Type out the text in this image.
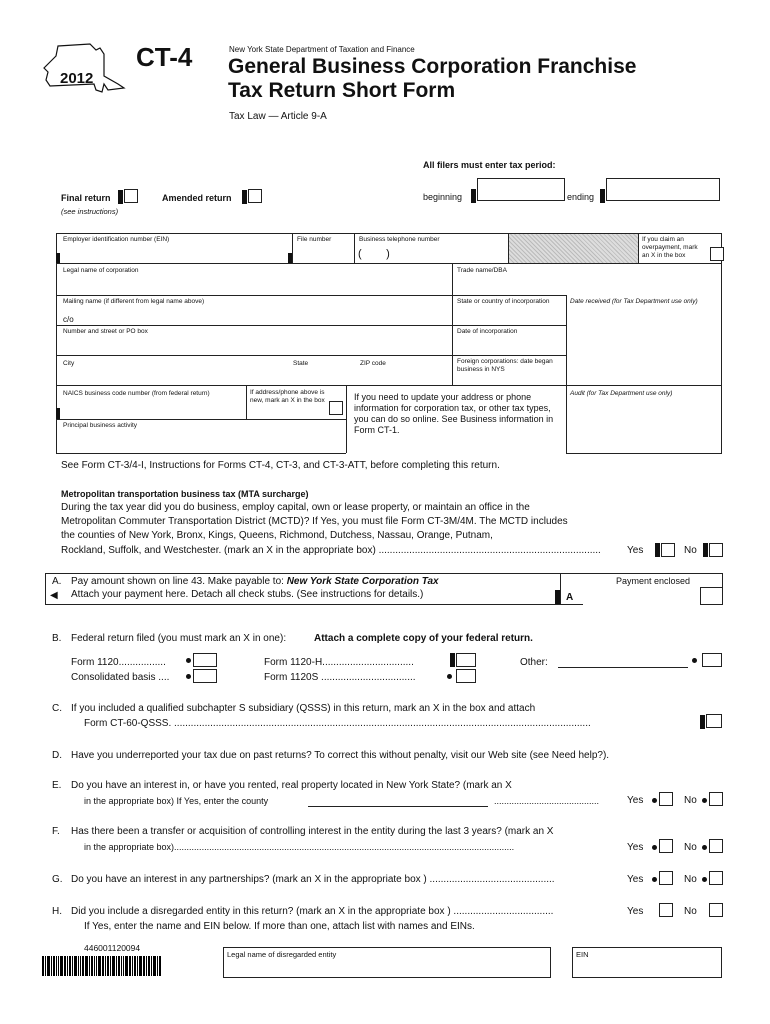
2012
CT-4	New York State Department of Taxation and Finance
General Business Corporation Franchise
Tax Return Short Form
Tax Law — Article 9-A
All filers must enter tax period:
beginning	ending
Final return
(see instructions)
Amended return
Employer identification number (EIN)	File number	Business telephone number
(        )
If you claim an overpayment, mark an X in the box
Legal name of corporation	Trade name/DBA
Mailing name (if different from legal name above)	State or country of incorporation	Date received (for Tax Department use only)
c/o
Number and street or PO box	Date of incorporation
City	State	ZIP code	Foreign corporations: date began business in NYS
NAICS business code number (from federal return)	If address/phone above is new, mark an X in the box	If you need to update your address or phone information for corporation tax, or other tax types, you can do so online. See Business information in Form CT-1.
Audit (for Tax Department use only)
Principal business activity
See Form CT-3/4-I, Instructions for Forms CT-4, CT-3, and CT-3-ATT, before completing this return.
Metropolitan transportation business tax (MTA surcharge)
During the tax year did you do business, employ capital, own or lease property, or maintain an office in the
Metropolitan Commuter Transportation District (MCTD)? If Yes, you must file Form CT-3M/4M. The MCTD includes
the counties of New York, Bronx, Kings, Queens, Richmond, Dutchess, Nassau, Orange, Putnam,
Rockland, Suffolk, and Westchester. (mark an X in the appropriate box) ................................................................................	Yes	No
A.
◀
Pay amount shown on line 43. Make payable to: New York State Corporation Tax
Attach your payment here. Detach all check stubs. (See instructions for details.)
Payment enclosed
A
B. Federal return filed (you must mark an X in one):	Attach a complete copy of your federal return.
Form 1120.................
Consolidated basis ....
Form 1120-H.................................
Form 1120S ..................................
Other:
C. If you included a qualified subchapter S subsidiary (QSSS) in this return, mark an X in the box and attach
Form CT-60-QSSS. ......................................................................................................................................................
D. Have you underreported your tax due on past returns? To correct this without penalty, visit our Web site (see Need help?).
E. Do you have an interest in, or have you rented, real property located in New York State? (mark an X
in the appropriate box) If Yes, enter the county	..........................................	Yes	No
F. Has there been a transfer or acquisition of controlling interest in the entity during the last 3 years? (mark an X
in the appropriate box)........................................................................................................................................	Yes	No
G. Do you have an interest in any partnerships? (mark an X in the appropriate box ) .............................................	Yes	No
H. Did you include a disregarded entity in this return? (mark an X in the appropriate box ) ....................................
If Yes, enter the name and EIN below. If more than one, attach list with names and EINs.
Yes	No
Legal name of disregarded entity	EIN
446001120094
